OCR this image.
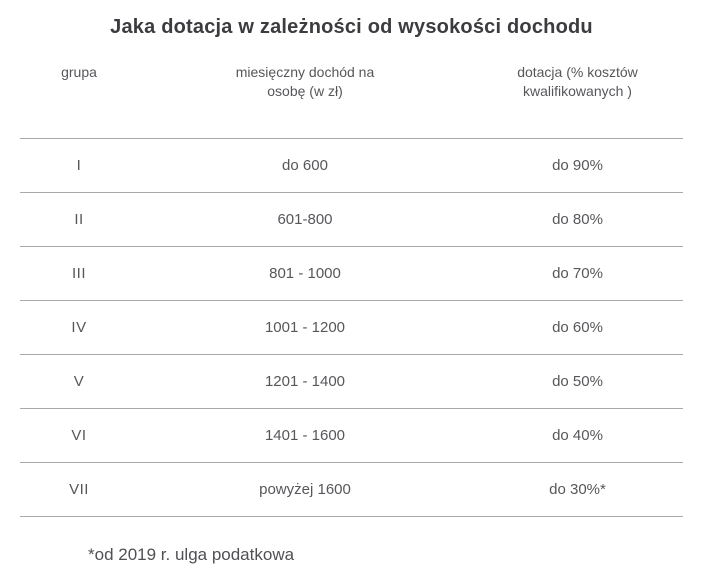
Jaka dotacja w zależności od wysokości dochodu
grupa	miesięczny dochód na osobę (w zł)	dotacja (% kosztów kwalifikowanych )
I	do 600	do 90%
II	601-800	do 80%
III	801 - 1000	do 70%
IV	1001 - 1200	do 60%
V	1201 - 1400	do 50%
VI	1401 - 1600	do 40%
VII	powyżej 1600	do 30%*
*od 2019 r. ulga podatkowa
